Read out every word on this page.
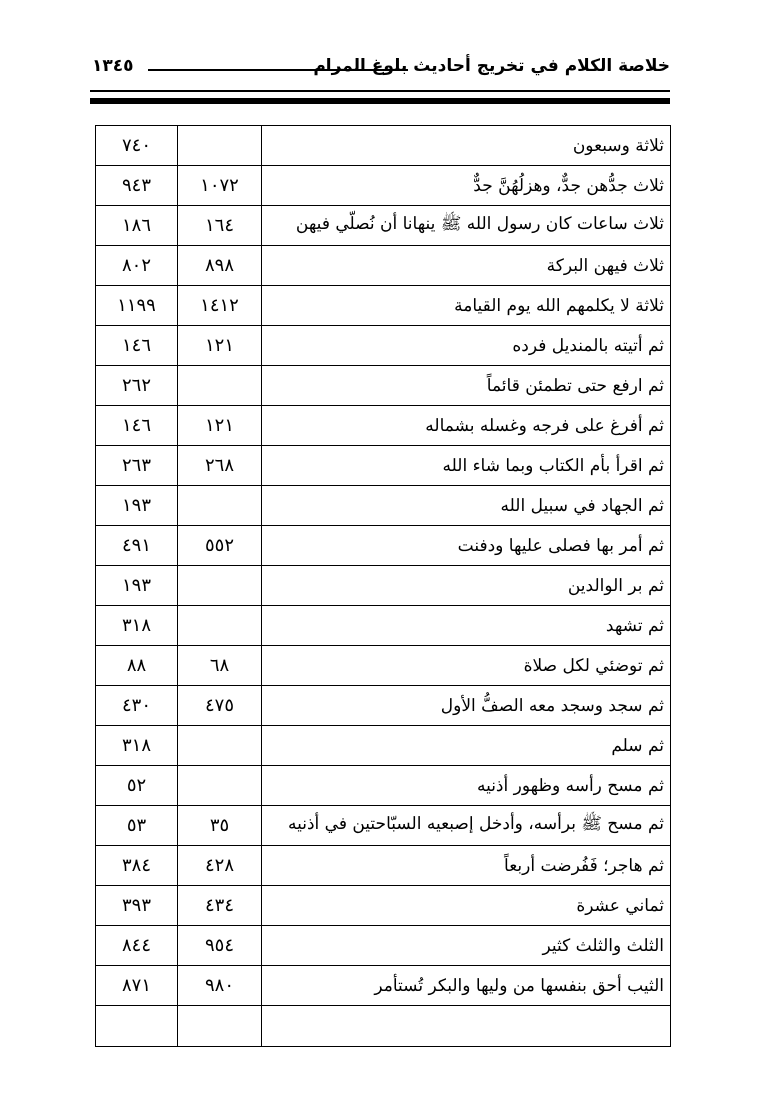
خلاصة الكلام في تخريج أحاديث بلوغ المرام
١٣٤٥
٧٤٠		ثلاثة وسبعون
٩٤٣	١٠٧٢	ثلاث جدُّهن جدٌّ، وهزلُهُنَّ جدٌّ
١٨٦	١٦٤	ثلاث ساعات كان رسول الله ﷺ ينهانا أن نُصلّي فيهن
٨٠٢	٨٩٨	ثلاث فيهن البركة
١١٩٩	١٤١٢	ثلاثة لا يكلمهم الله يوم القيامة
١٤٦	١٢١	ثم أتيته بالمنديل فرده
٢٦٢		ثم ارفع حتى تطمئن قائماً
١٤٦	١٢١	ثم أفرغ على فرجه وغسله بشماله
٢٦٣	٢٦٨	ثم اقرأ بأم الكتاب وبما شاء الله
١٩٣		ثم الجهاد في سبيل الله
٤٩١	٥٥٢	ثم أمر بها فصلى عليها ودفنت
١٩٣		ثم بر الوالدين
٣١٨		ثم تشهد
٨٨	٦٨	ثم توضئي لكل صلاة
٤٣٠	٤٧٥	ثم سجد وسجد معه الصفُّ الأول
٣١٨		ثم سلم
٥٢		ثم مسح رأسه وظهور أذنيه
٥٣	٣٥	ثم مسح ﷺ برأسه، وأدخل إصبعيه السبّاحتين في أذنيه
٣٨٤	٤٢٨	ثم هاجر؛ فَفُرضت أربعاً
٣٩٣	٤٣٤	ثماني عشرة
٨٤٤	٩٥٤	الثلث والثلث كثير
٨٧١	٩٨٠	الثيب أحق بنفسها من وليها والبكر تُستأمر
